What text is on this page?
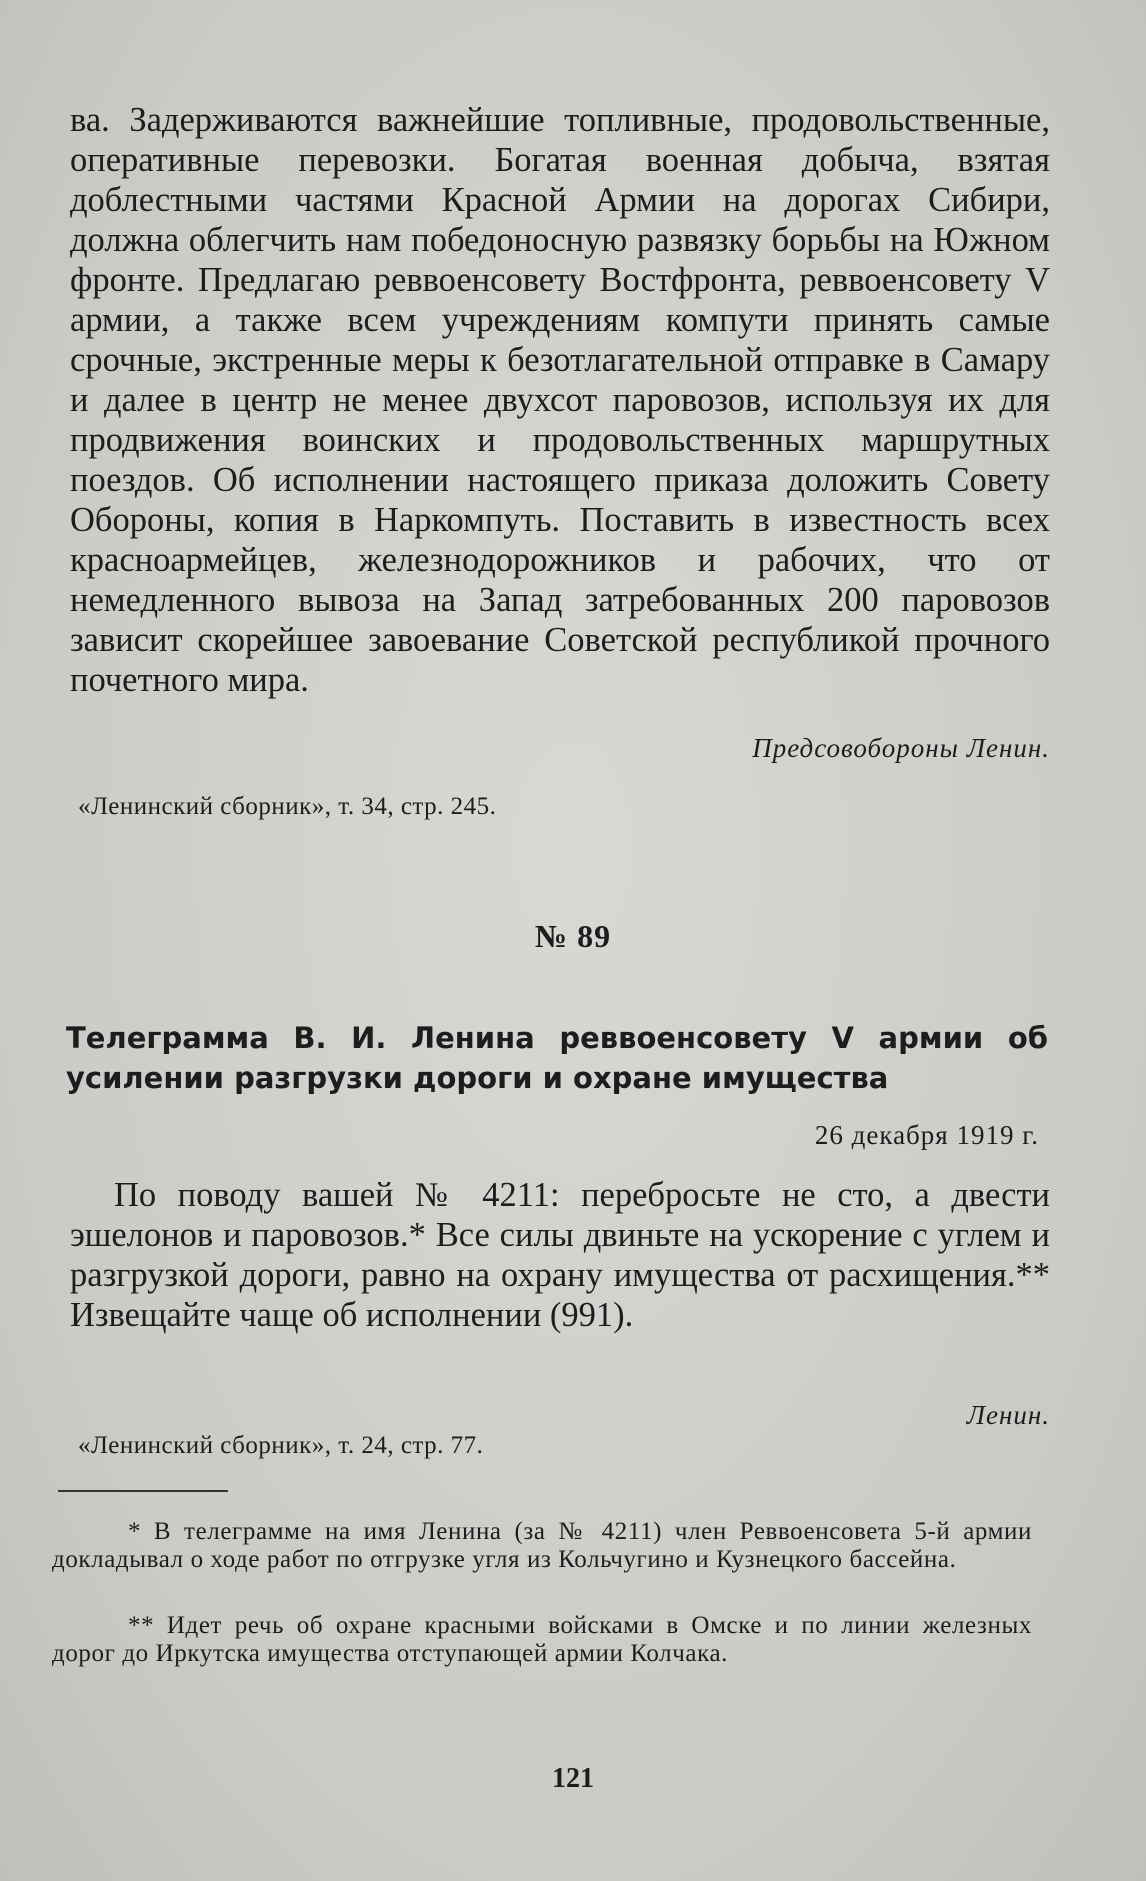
ва. Задерживаются важнейшие топливные, продовольственные, оперативные перевозки. Богатая военная добыча, взятая доблестными частями Красной Армии на дорогах Сибири, должна облегчить нам победоносную развязку борьбы на Южном фронте. Предлагаю реввоенсовету Востфронта, реввоенсовету V армии, а также всем учреждениям компути принять самые срочные, экстренные меры к безотлагательной отправке в Самару и далее в центр не менее двухсот паровозов, используя их для продвижения воинских и продовольственных маршрутных поездов. Об исполнении настоящего приказа доложить Совету Обороны, копия в Наркомпуть. Поставить в известность всех красноармейцев, железнодорожников и рабочих, что от немедленного вывоза на Запад затребованных 200 паровозов зависит скорейшее завоевание Советской республикой прочного почетного мира.

Предсовобороны Ленин.
«Ленинский сборник», т. 34, стр. 245.
№ 89

Телеграмма В. И. Ленина реввоенсовету V армии об усилении разгрузки дороги и охране имущества

26 декабря 1919 г.

По поводу вашей № 4211: перебросьте не сто, а двести эшелонов и паровозов.* Все силы двиньте на ускорение с углем и разгрузкой дороги, равно на охрану имущества от расхищения.** Извещайте чаще об исполнении (991).

Ленин.
«Ленинский сборник», т. 24, стр. 77.

* В телеграмме на имя Ленина (за № 4211) член Реввоенсовета 5-й армии докладывал о ходе работ по отгрузке угля из Кольчугино и Кузнецкого бассейна.

** Идет речь об охране красными войсками в Омске и по линии железных дорог до Иркутска имущества отступающей армии Колчака.

121
